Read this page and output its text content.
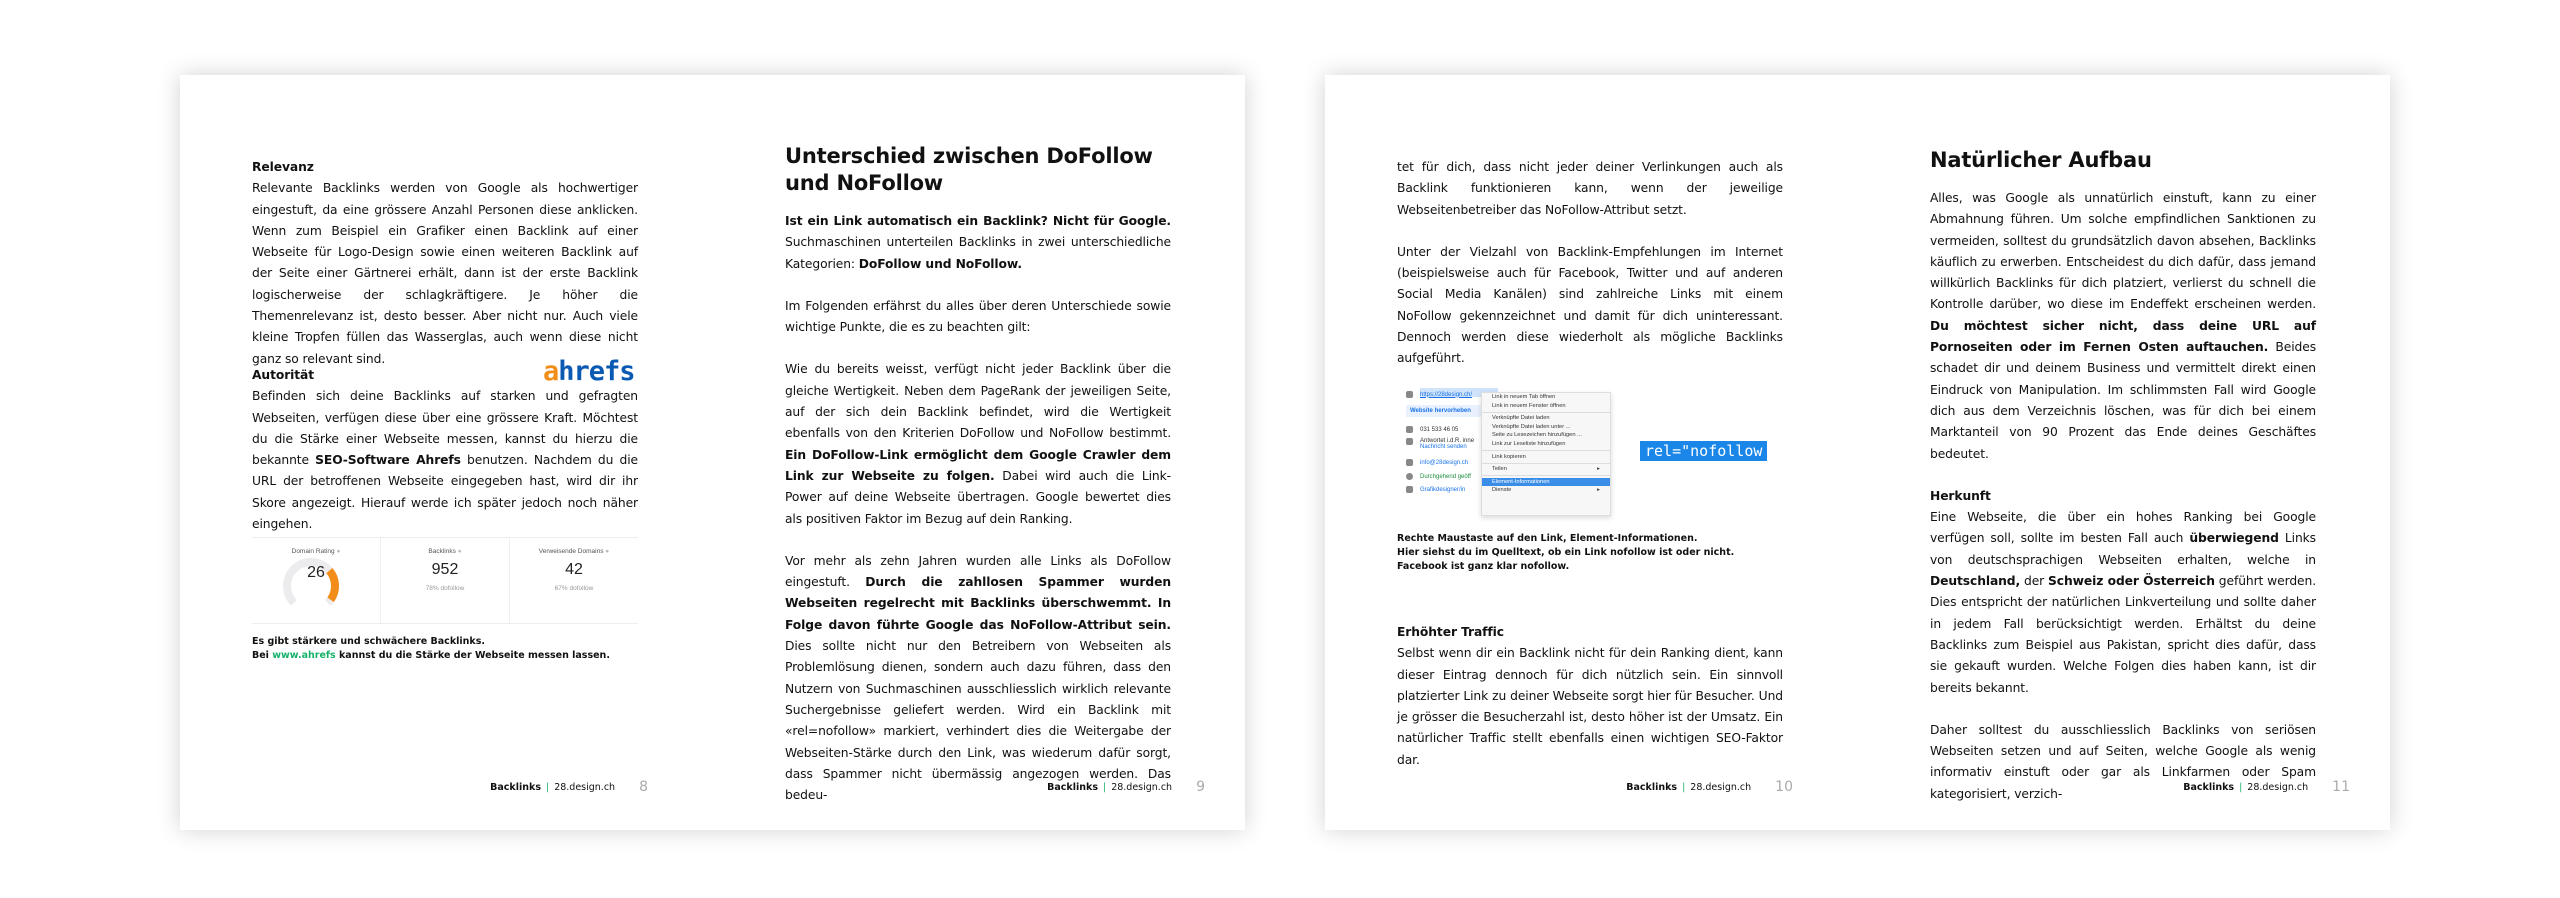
Relevanz

Relevante Backlinks werden von Google als hochwertiger eingestuft, da eine grössere Anzahl Personen diese anklicken. Wenn zum Beispiel ein Grafiker einen Backlink auf einer Webseite für Logo-Design sowie einen weiteren Backlink auf der Seite einer Gärtnerei erhält, dann ist der erste Backlink logischerweise der schlagkräftigere. Je höher die Themenrelevanz ist, desto besser. Aber nicht nur. Auch viele kleine Tropfen füllen das Wasserglas, auch wenn diese nicht ganz so relevant sind.	ahrefs

Autorität

Befinden sich deine Backlinks auf starken und gefragten Webseiten, verfügen diese über eine grössere Kraft. Möchtest du die Stärke einer Webseite messen, kannst du hierzu die bekannte SEO-Software Ahrefs benutzen. Nachdem du die URL der betroffenen Webseite eingegeben hast, wird dir ihr Skore angezeigt. Hierauf werde ich später jedoch noch näher eingehen.

Domain Rating ●
26
Backlinks ●
952
78% dofollow
Verweisende Domains ●
42
67% dofollow
Es gibt stärkere und schwächere Backlinks.
Bei www.ahrefs kannst du die Stärke der Webseite messen lassen.
Backlinks | 28.design.ch 8
Unterschied zwischen DoFollow
und NoFollow

Ist ein Link automatisch ein Backlink? Nicht für Google. Suchmaschinen unterteilen Backlinks in zwei unterschiedliche Kategorien: DoFollow und NoFollow.

Im Folgenden erfährst du alles über deren Unterschiede sowie wichtige Punkte, die es zu beachten gilt:

Wie du bereits weisst, verfügt nicht jeder Backlink über die gleiche Wertigkeit. Neben dem PageRank der jeweiligen Seite, auf der sich dein Backlink befindet, wird die Wertigkeit ebenfalls von den Kriterien DoFollow und NoFollow bestimmt. Ein DoFollow-Link ermöglicht dem Google Crawler dem Link zur Webseite zu folgen. Dabei wird auch die Link-Power auf deine Webseite übertragen. Google bewertet dies als positiven Faktor im Bezug auf dein Ranking.

Vor mehr als zehn Jahren wurden alle Links als DoFollow eingestuft. Durch die zahllosen Spammer wurden Webseiten regelrecht mit Backlinks überschwemmt. In Folge davon führte Google das NoFollow-Attribut sein. Dies sollte nicht nur den Betreibern von Webseiten als Problemlösung dienen, sondern auch dazu führen, dass den Nutzern von Suchmaschinen ausschliesslich wirklich relevante Suchergebnisse geliefert werden. Wird ein Backlink mit «rel=nofollow» markiert, verhindert dies die Weitergabe der Webseiten-Stärke durch den Link, was wiederum dafür sorgt, dass Spammer nicht übermässig angezogen werden. Das bedeu-

Backlinks | 28.design.ch 9

tet für dich, dass nicht jeder deiner Verlinkungen auch als Backlink funktionieren kann, wenn der jeweilige Webseitenbetreiber das NoFollow-Attribut setzt.

Unter der Vielzahl von Backlink-Empfehlungen im Internet (beispielsweise auch für Facebook, Twitter und auf anderen Social Media Kanälen) sind zahlreiche Links mit einem NoFollow gekennzeichnet und damit für dich uninteressant. Dennoch werden diese wiederholt als mögliche Backlinks aufgeführt.

https://28design.ch/
Website hervorheben
031 533 46 05
Antwortet i.d.R. inne
Nachricht senden
info@28design.ch
Durchgehend geöff
Grafikdesigner/in
Link in neuem Tab öffnen
Link in neuem Fenster öffnen
Verknüpfte Datei laden
Verknüpfte Datei laden unter ...
Seite zu Lesezeichen hinzufügen ...
Link zur Leseliste hinzufügen
Link kopieren
Teilen	▸
Element-Informationen
Dienste	▸
rel="nofollow
Rechte Maustaste auf den Link, Element-Informationen.
Hier siehst du im Quelltext, ob ein Link nofollow ist oder nicht.
Facebook ist ganz klar nofollow.

Erhöhter Traffic

Selbst wenn dir ein Backlink nicht für dein Ranking dient, kann dieser Eintrag dennoch für dich nützlich sein. Ein sinnvoll platzierter Link zu deiner Webseite sorgt hier für Besucher. Und je grösser die Besucherzahl ist, desto höher ist der Umsatz. Ein natürlicher Traffic stellt ebenfalls einen wichtigen SEO-Faktor dar.

Backlinks | 28.design.ch 10
Natürlicher Aufbau

Alles, was Google als unnatürlich einstuft, kann zu einer Abmahnung führen. Um solche empfindlichen Sanktionen zu vermeiden, solltest du grundsätzlich davon absehen, Backlinks käuflich zu erwerben. Entscheidest du dich dafür, dass jemand willkürlich Backlinks für dich platziert, verlierst du schnell die Kontrolle darüber, wo diese im Endeffekt erscheinen werden. Du möchtest sicher nicht, dass deine URL auf Pornoseiten oder im Fernen Osten auftauchen. Beides schadet dir und deinem Business und vermittelt direkt einen Eindruck von Manipulation. Im schlimmsten Fall wird Google dich aus dem Verzeichnis löschen, was für dich bei einem Marktanteil von 90 Prozent das Ende deines Geschäftes bedeutet.

Herkunft

Eine Webseite, die über ein hohes Ranking bei Google verfügen soll, sollte im besten Fall auch überwiegend Links von deutschsprachigen Webseiten erhalten, welche in Deutschland, der Schweiz oder Österreich geführt werden. Dies entspricht der natürlichen Linkverteilung und sollte daher in jedem Fall berücksichtigt werden. Erhältst du deine Backlinks zum Beispiel aus Pakistan, spricht dies dafür, dass sie gekauft wurden. Welche Folgen dies haben kann, ist dir bereits bekannt.

Daher solltest du ausschliesslich Backlinks von seriösen Webseiten setzen und auf Seiten, welche Google als wenig informativ einstuft oder gar als Linkfarmen oder Spam kategorisiert, verzich-	Backlinks | 28.design.ch 11
